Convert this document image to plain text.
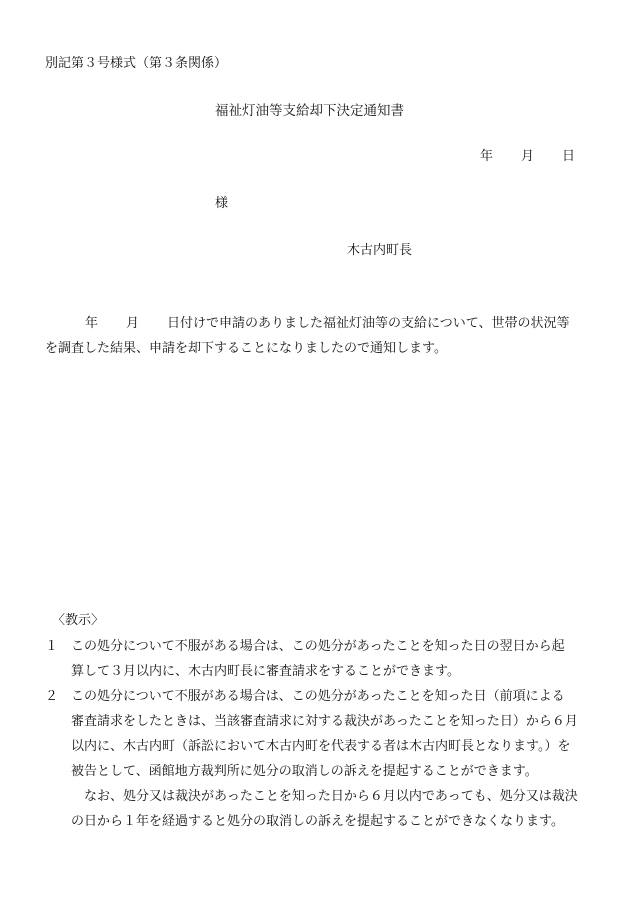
別記第３号様式（第３条関係）
福祉灯油等支給却下決定通知書
年 月 日
様
木古内町長
年 月 日付けで申請のありました福祉灯油等の支給について、世帯の状況等
を調査した結果、申請を却下することになりましたので通知します。
〈教示〉
１ この処分について不服がある場合は、この処分があったことを知った日の翌日から起
算して３月以内に、木古内町長に審査請求をすることができます。
２ この処分について不服がある場合は、この処分があったことを知った日（前項による
審査請求をしたときは、当該審査請求に対する裁決があったことを知った日）から６月
以内に、木古内町（訴訟において木古内町を代表する者は木古内町長となります。）を
被告として、函館地方裁判所に処分の取消しの訴えを提起することができます。
なお、処分又は裁決があったことを知った日から６月以内であっても、処分又は裁決
の日から１年を経過すると処分の取消しの訴えを提起することができなくなります。
